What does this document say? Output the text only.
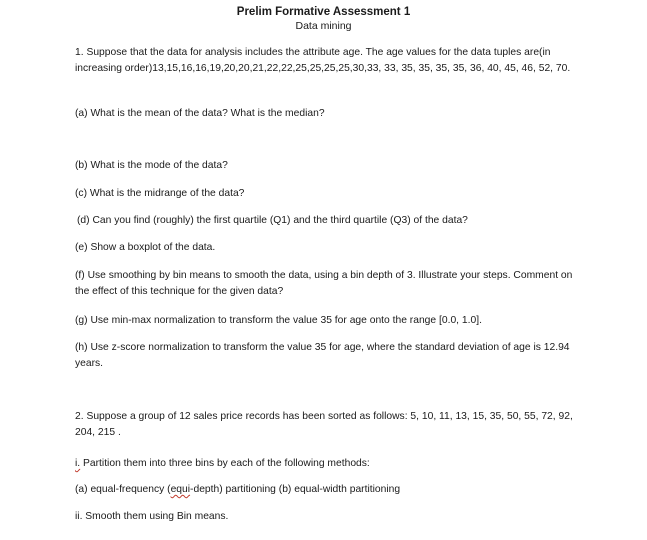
Prelim Formative Assessment 1
Data mining

1. Suppose that the data for analysis includes the attribute age. The age values for the data tuples are(in increasing order)13,15,16,16,19,20,20,21,22,22,25,25,25,25,30,33, 33, 35, 35, 35, 35, 36, 40, 45, 46, 52, 70.

(a) What is the mean of the data? What is the median?

(b) What is the mode of the data?

(c) What is the midrange of the data?

(d) Can you find (roughly) the first quartile (Q1) and the third quartile (Q3) of the data?

(e) Show a boxplot of the data.

(f) Use smoothing by bin means to smooth the data, using a bin depth of 3. Illustrate your steps. Comment on the effect of this technique for the given data?

(g) Use min-max normalization to transform the value 35 for age onto the range [0.0, 1.0].

(h) Use z-score normalization to transform the value 35 for age, where the standard deviation of age is 12.94 years.

2. Suppose a group of 12 sales price records has been sorted as follows: 5, 10, 11, 13, 15, 35, 50, 55, 72, 92, 204, 215 .

i. Partition them into three bins by each of the following methods:

(a) equal-frequency (equi-depth) partitioning (b) equal-width partitioning

ii. Smooth them using Bin means.
